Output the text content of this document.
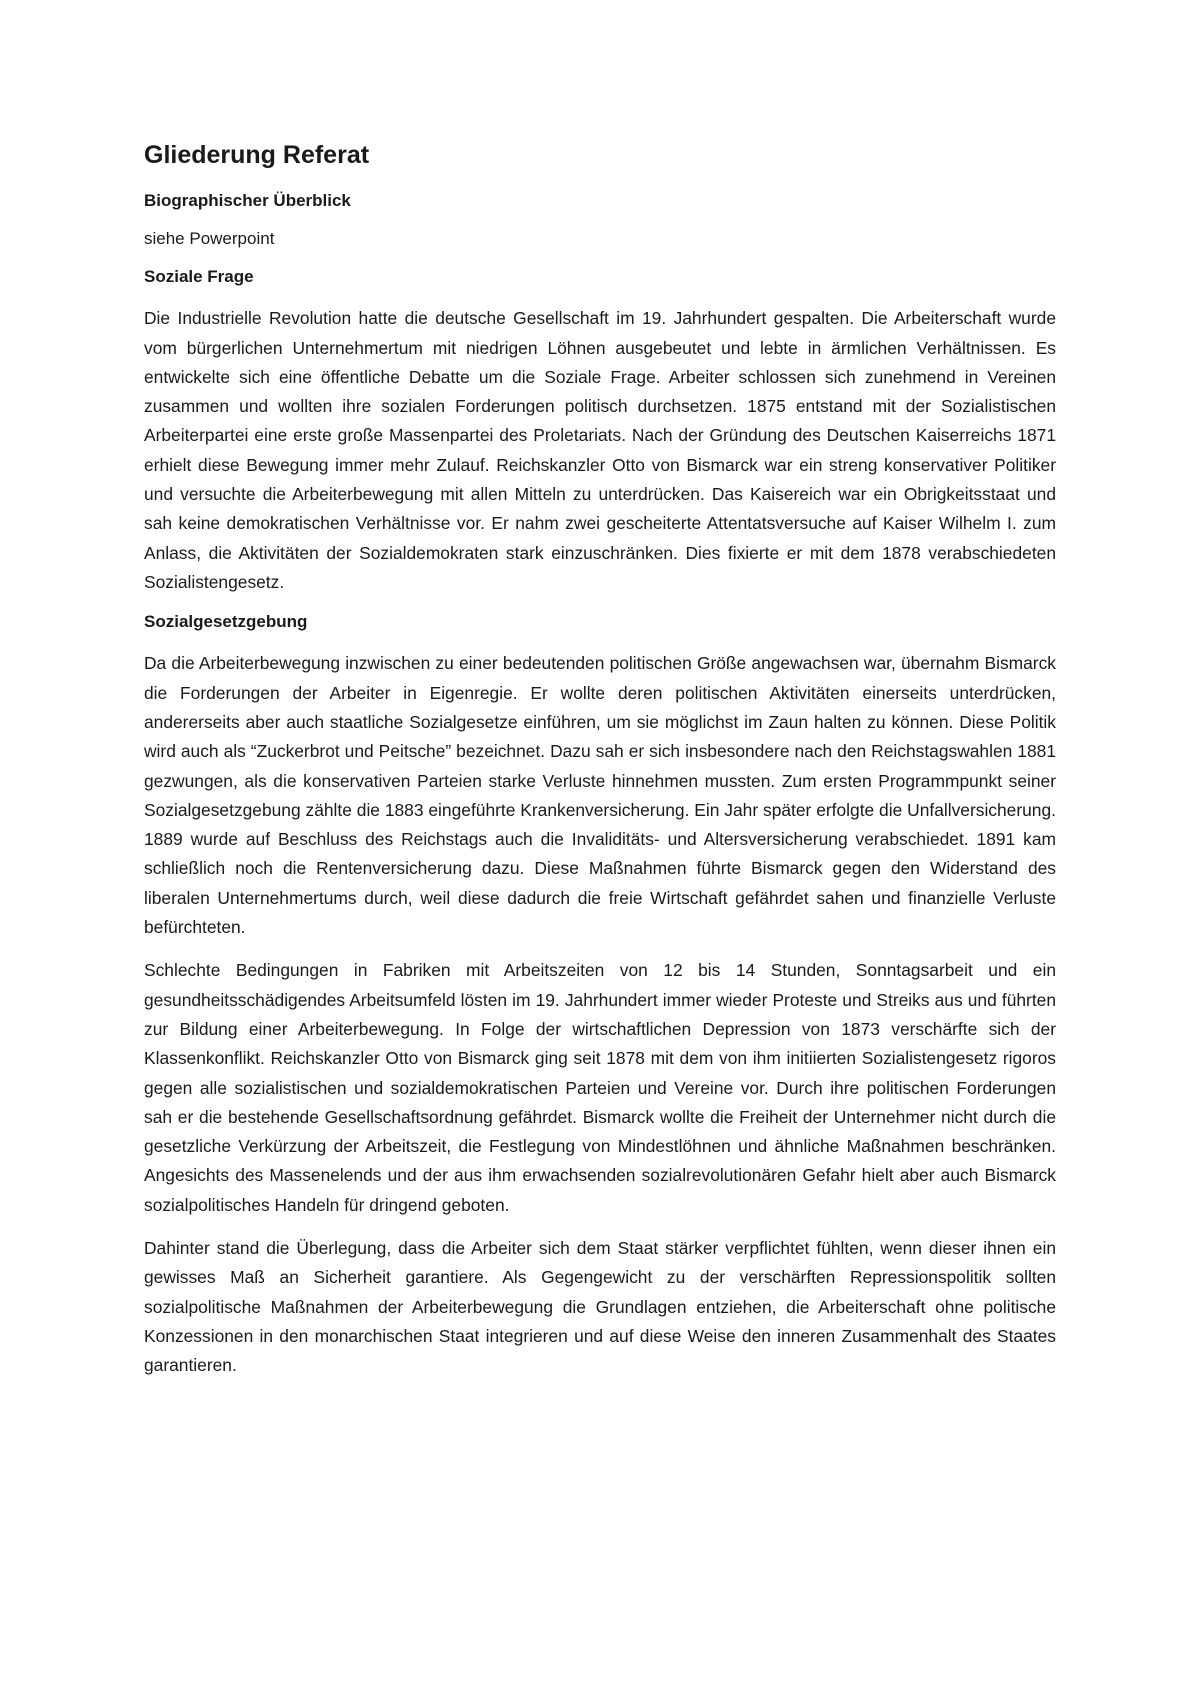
Gliederung Referat
Biographischer Überblick

siehe Powerpoint

Soziale Frage

Die Industrielle Revolution hatte die deutsche Gesellschaft im 19. Jahrhundert gespalten. Die Arbeiterschaft wurde vom bürgerlichen Unternehmertum mit niedrigen Löhnen ausgebeutet und lebte in ärmlichen Verhältnissen. Es entwickelte sich eine öffentliche Debatte um die Soziale Frage. Arbeiter schlossen sich zunehmend in Vereinen zusammen und wollten ihre sozialen Forderungen politisch durchsetzen. 1875 entstand mit der Sozialistischen Arbeiterpartei eine erste große Massenpartei des Proletariats. Nach der Gründung des Deutschen Kaiserreichs 1871 erhielt diese Bewegung immer mehr Zulauf. Reichskanzler Otto von Bismarck war ein streng konservativer Politiker und versuchte die Arbeiterbewegung mit allen Mitteln zu unterdrücken. Das Kaisereich war ein Obrigkeitsstaat und sah keine demokratischen Verhältnisse vor. Er nahm zwei gescheiterte Attentatsversuche auf Kaiser Wilhelm I. zum Anlass, die Aktivitäten der Sozialdemokraten stark einzuschränken. Dies fixierte er mit dem 1878 verabschiedeten Sozialistengesetz.

Sozialgesetzgebung

Da die Arbeiterbewegung inzwischen zu einer bedeutenden politischen Größe angewachsen war, übernahm Bismarck die Forderungen der Arbeiter in Eigenregie. Er wollte deren politischen Aktivitäten einerseits unterdrücken, andererseits aber auch staatliche Sozialgesetze einführen, um sie möglichst im Zaun halten zu können. Diese Politik wird auch als “Zuckerbrot und Peitsche” bezeichnet. Dazu sah er sich insbesondere nach den Reichstagswahlen 1881 gezwungen, als die konservativen Parteien starke Verluste hinnehmen mussten. Zum ersten Programmpunkt seiner Sozialgesetzgebung zählte die 1883 eingeführte Krankenversicherung. Ein Jahr später erfolgte die Unfallversicherung. 1889 wurde auf Beschluss des Reichstags auch die Invaliditäts- und Altersversicherung verabschiedet. 1891 kam schließlich noch die Rentenversicherung dazu. Diese Maßnahmen führte Bismarck gegen den Widerstand des liberalen Unternehmertums durch, weil diese dadurch die freie Wirtschaft gefährdet sahen und finanzielle Verluste befürchteten.

Schlechte Bedingungen in Fabriken mit Arbeitszeiten von 12 bis 14 Stunden, Sonntagsarbeit und ein gesundheitsschädigendes Arbeitsumfeld lösten im 19. Jahrhundert immer wieder Proteste und Streiks aus und führten zur Bildung einer Arbeiterbewegung. In Folge der wirtschaftlichen Depression von 1873 verschärfte sich der Klassenkonflikt. Reichskanzler Otto von Bismarck ging seit 1878 mit dem von ihm initiierten Sozialistengesetz rigoros gegen alle sozialistischen und sozialdemokratischen Parteien und Vereine vor. Durch ihre politischen Forderungen sah er die bestehende Gesellschaftsordnung gefährdet. Bismarck wollte die Freiheit der Unternehmer nicht durch die gesetzliche Verkürzung der Arbeitszeit, die Festlegung von Mindestlöhnen und ähnliche Maßnahmen beschränken. Angesichts des Massenelends und der aus ihm erwachsenden sozialrevolutionären Gefahr hielt aber auch Bismarck sozialpolitisches Handeln für dringend geboten.

Dahinter stand die Überlegung, dass die Arbeiter sich dem Staat stärker verpflichtet fühlten, wenn dieser ihnen ein gewisses Maß an Sicherheit garantiere. Als Gegengewicht zu der verschärften Repressionspolitik sollten sozialpolitische Maßnahmen der Arbeiterbewegung die Grundlagen entziehen, die Arbeiterschaft ohne politische Konzessionen in den monarchischen Staat integrieren und auf diese Weise den inneren Zusammenhalt des Staates garantieren.
